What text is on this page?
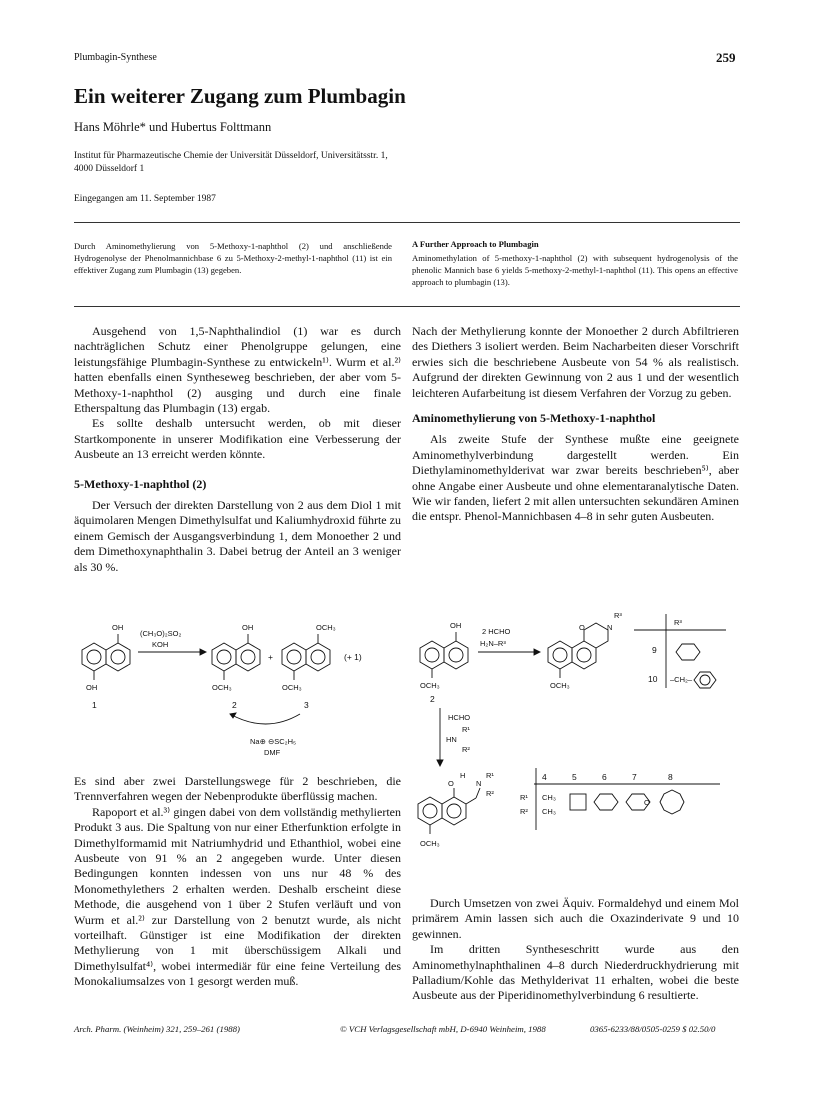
Plumbagin-Synthese	259
Ein weiterer Zugang zum Plumbagin
Hans Möhrle* und Hubertus Folttmann
Institut für Pharmazeutische Chemie der Universität Düsseldorf, Universitätsstr. 1, 4000 Düsseldorf 1
Eingegangen am 11. September 1987
Durch Aminomethylierung von 5-Methoxy-1-naphthol (2) und anschließende Hydrogenolyse der Phenolmannichbase 6 zu 5-Methoxy-2-methyl-1-naphthol (11) ist ein effektiver Zugang zum Plumbagin (13) gegeben.
A Further Approach to Plumbagin
Aminomethylation of 5-methoxy-1-naphthol (2) with subsequent hydrogenolysis of the phenolic Mannich base 6 yields 5-methoxy-2-methyl-1-naphthol (11). This opens an effective approach to plumbagin (13).

Ausgehend von 1,5-Naphthalindiol (1) war es durch nachträglichen Schutz einer Phenolgruppe gelungen, eine leistungsfähige Plumbagin-Synthese zu entwickeln¹⁾. Wurm et al.²⁾ hatten ebenfalls einen Syntheseweg beschrieben, der aber vom 5-Methoxy-1-naphthol (2) ausging und durch eine finale Etherspaltung das Plumbagin (13) ergab.

Es sollte deshalb untersucht werden, ob mit dieser Startkomponente in unserer Modifikation eine Verbesserung der Ausbeute an 13 erreicht werden könnte.

5-Methoxy-1-naphthol (2)

Der Versuch der direkten Darstellung von 2 aus dem Diol 1 mit äquimolaren Mengen Dimethylsulfat und Kaliumhydroxid führte zu einem Gemisch der Ausgangsverbindung 1, dem Monoether 2 und dem Dimethoxynaphthalin 3. Dabei betrug der Anteil an 3 weniger als 30 %.

Nach der Methylierung konnte der Monoether 2 durch Abfiltrieren des Diethers 3 isoliert werden. Beim Nacharbeiten dieser Vorschrift erwies sich die beschriebene Ausbeute von 54 % als realistisch. Aufgrund der direkten Gewinnung von 2 aus 1 und der wesentlich leichteren Aufarbeitung ist diesem Verfahren der Vorzug zu geben.

Aminomethylierung von 5-Methoxy-1-naphthol

Als zweite Stufe der Synthese mußte eine geeignete Aminomethylverbindung dargestellt werden. Ein Diethylaminomethylderivat war zwar bereits beschrieben⁵⁾, aber ohne Angabe einer Ausbeute und ohne elementaranalytische Daten. Wie wir fanden, liefert 2 mit allen untersuchten sekundären Aminen die entspr. Phenol-Mannichbasen 4–8 in sehr guten Ausbeuten.

OH
OH
1
(CH₃O)₂SO₂
KOH
OH
OCH₃
2
+
OCH₃
OCH₃
3
(+ 1)
Na⊕ ⊖SC₂H₅
DMF
OH
OCH₃
2
2 HCHO
H₂N–R³
O	N
R³
OCH₃
R³
9
10 –CH₂–
HCHO
R¹
HN
R²
O
H
N
R¹
R²
OCH₃
4	5	6	7	8
R¹
R²
CH₃
CH₃
O

Es sind aber zwei Darstellungswege für 2 beschrieben, die Trennverfahren wegen der Nebenprodukte überflüssig machen.

Rapoport et al.³⁾ gingen dabei von dem vollständig methylierten Produkt 3 aus. Die Spaltung von nur einer Etherfunktion erfolgte in Dimethylformamid mit Natriumhydrid und Ethanthiol, wobei eine Ausbeute von 91 % an 2 angegeben wurde. Unter diesen Bedingungen konnten indessen von uns nur 48 % des Monomethylethers 2 erhalten werden. Deshalb erscheint diese Methode, die ausgehend von 1 über 2 Stufen verläuft und von Wurm et al.²⁾ zur Darstellung von 2 benutzt wurde, als nicht vorteilhaft. Günstiger ist eine Modifikation der direkten Methylierung von 1 mit überschüssigem Alkali und Dimethylsulfat⁴⁾, wobei intermediär für eine feine Verteilung des Monokaliumsalzes von 1 gesorgt werden muß.

Durch Umsetzen von zwei Äquiv. Formaldehyd und einem Mol primärem Amin lassen sich auch die Oxazinderivate 9 und 10 gewinnen.

Im dritten Syntheseschritt wurde aus den Aminomethylnaphthalinen 4–8 durch Niederdruckhydrierung mit Palladium/Kohle das Methylderivat 11 erhalten, wobei die beste Ausbeute aus der Piperidinomethylverbindung 6 resultierte.

Arch. Pharm. (Weinheim) 321, 259–261 (1988)	© VCH Verlagsgesellschaft mbH, D-6940 Weinheim, 1988	0365-6233/88/0505-0259 $ 02.50/0
